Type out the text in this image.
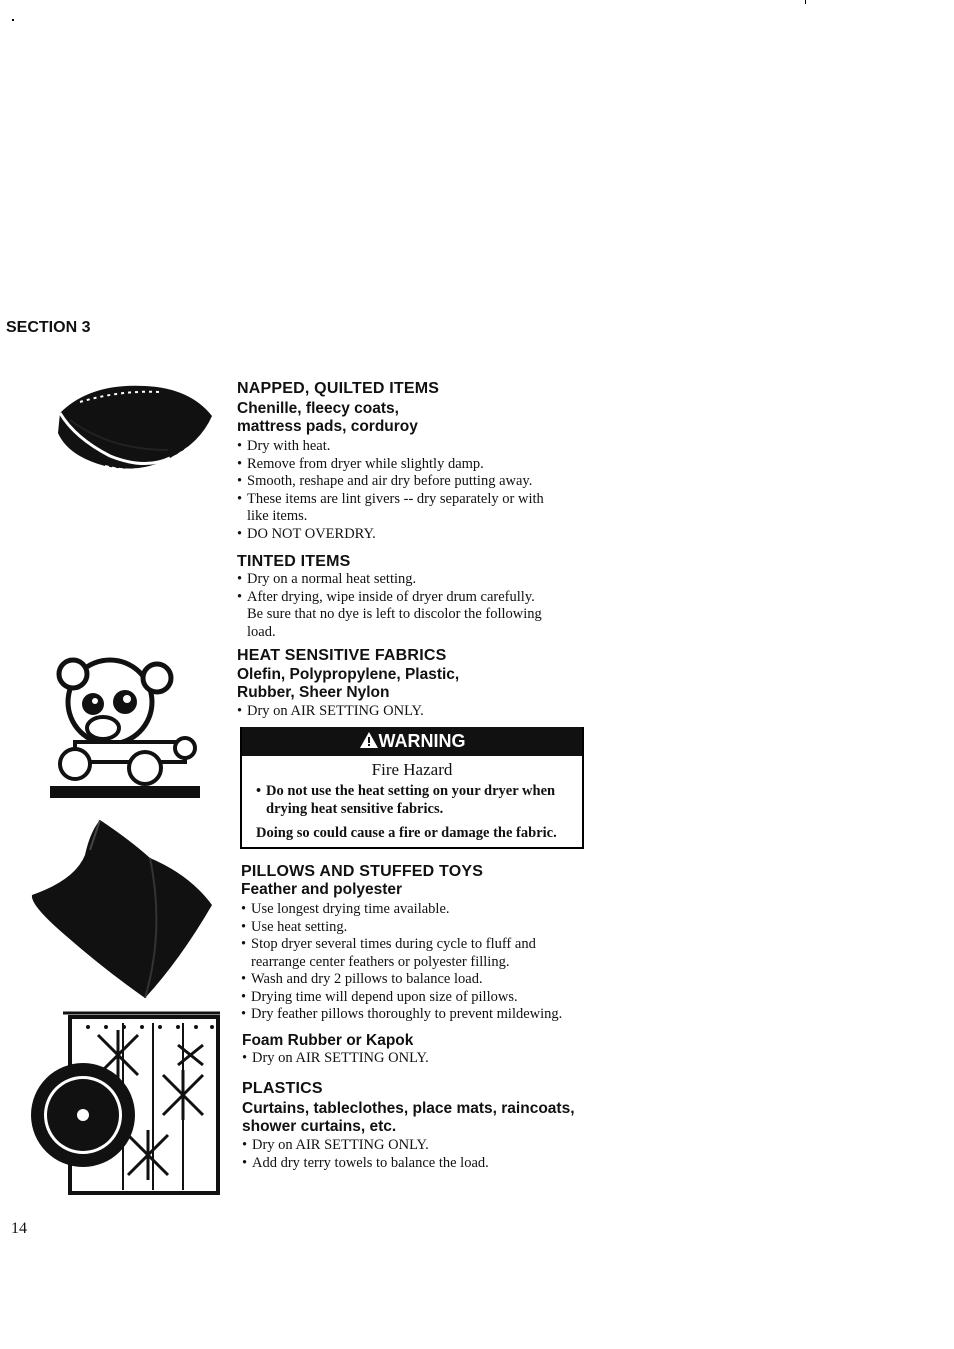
SECTION 3
NAPPED, QUILTED ITEMS
Chenille, fleecy coats,
mattress pads, corduroy
• Dry with heat.
• Remove from dryer while slightly damp.
• Smooth, reshape and air dry before putting away.
• These items are lint givers -- dry separately or with like items.
• DO NOT OVERDRY.
TINTED ITEMS
• Dry on a normal heat setting.
• After drying, wipe inside of dryer drum carefully. Be sure that no dye is left to discolor the following load.
HEAT SENSITIVE FABRICS
Olefin, Polypropylene, Plastic,
Rubber, Sheer Nylon
• Dry on AIR SETTING ONLY.
WARNING
Fire Hazard
• Do not use the heat setting on your dryer when drying heat sensitive fabrics.
Doing so could cause a fire or damage the fabric.
PILLOWS AND STUFFED TOYS
Feather and polyester
• Use longest drying time available.
• Use heat setting.
• Stop dryer several times during cycle to fluff and rearrange center feathers or polyester filling.
• Wash and dry 2 pillows to balance load.
• Drying time will depend upon size of pillows.
• Dry feather pillows thoroughly to prevent mildewing.
Foam Rubber or Kapok
• Dry on AIR SETTING ONLY.
PLASTICS
Curtains, tableclothes, place mats, raincoats,
shower curtains, etc.
• Dry on AIR SETTING ONLY.
• Add dry terry towels to balance the load.
14
